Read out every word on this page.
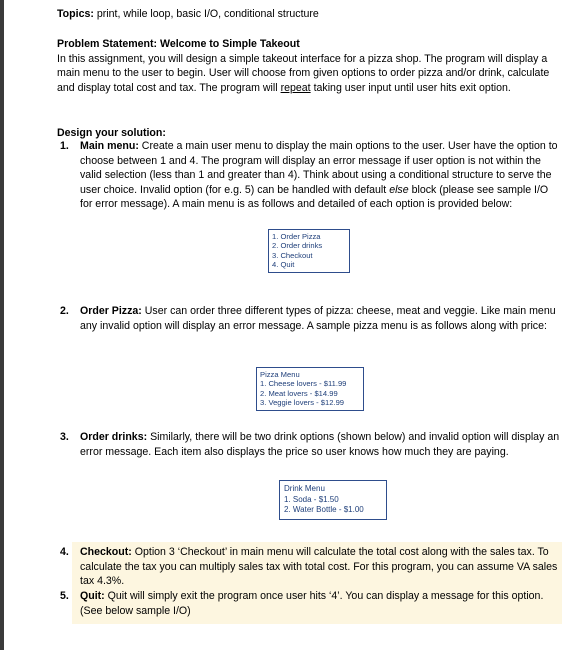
Topics: print, while loop, basic I/O, conditional structure
Problem Statement: Welcome to Simple Takeout
In this assignment, you will design a simple takeout interface for a pizza shop. The program will display a main menu to the user to begin. User will choose from given options to order pizza and/or drink, calculate and display total cost and tax. The program will repeat taking user input until user hits exit option.
Design your solution:
1.	Main menu: Create a main user menu to display the main options to the user. User have the option to choose between 1 and 4. The program will display an error message if user option is not within the valid selection (less than 1 and greater than 4). Think about using a conditional structure to serve the user choice. Invalid option (for e.g. 5) can be handled with default else block (please see sample I/O for error message). A main menu is as follows and detailed of each option is provided below:
1. Order Pizza
2. Order drinks
3. Checkout
4. Quit
2.	Order Pizza: User can order three different types of pizza: cheese, meat and veggie. Like main menu any invalid option will display an error message. A sample pizza menu is as follows along with price:
Pizza Menu
1. Cheese lovers - $11.99
2. Meat lovers - $14.99
3. Veggie lovers - $12.99
3.	Order drinks: Similarly, there will be two drink options (shown below) and invalid option will display an error message. Each item also displays the price so user knows how much they are paying.
Drink Menu
1. Soda - $1.50
2. Water Bottle - $1.00
4.	Checkout: Option 3 ‘Checkout’ in main menu will calculate the total cost along with the sales tax. To calculate the tax you can multiply sales tax with total cost. For this program, you can assume VA sales tax 4.3%.
5.	Quit: Quit will simply exit the program once user hits ‘4’. You can display a message for this option. (See below sample I/O)
